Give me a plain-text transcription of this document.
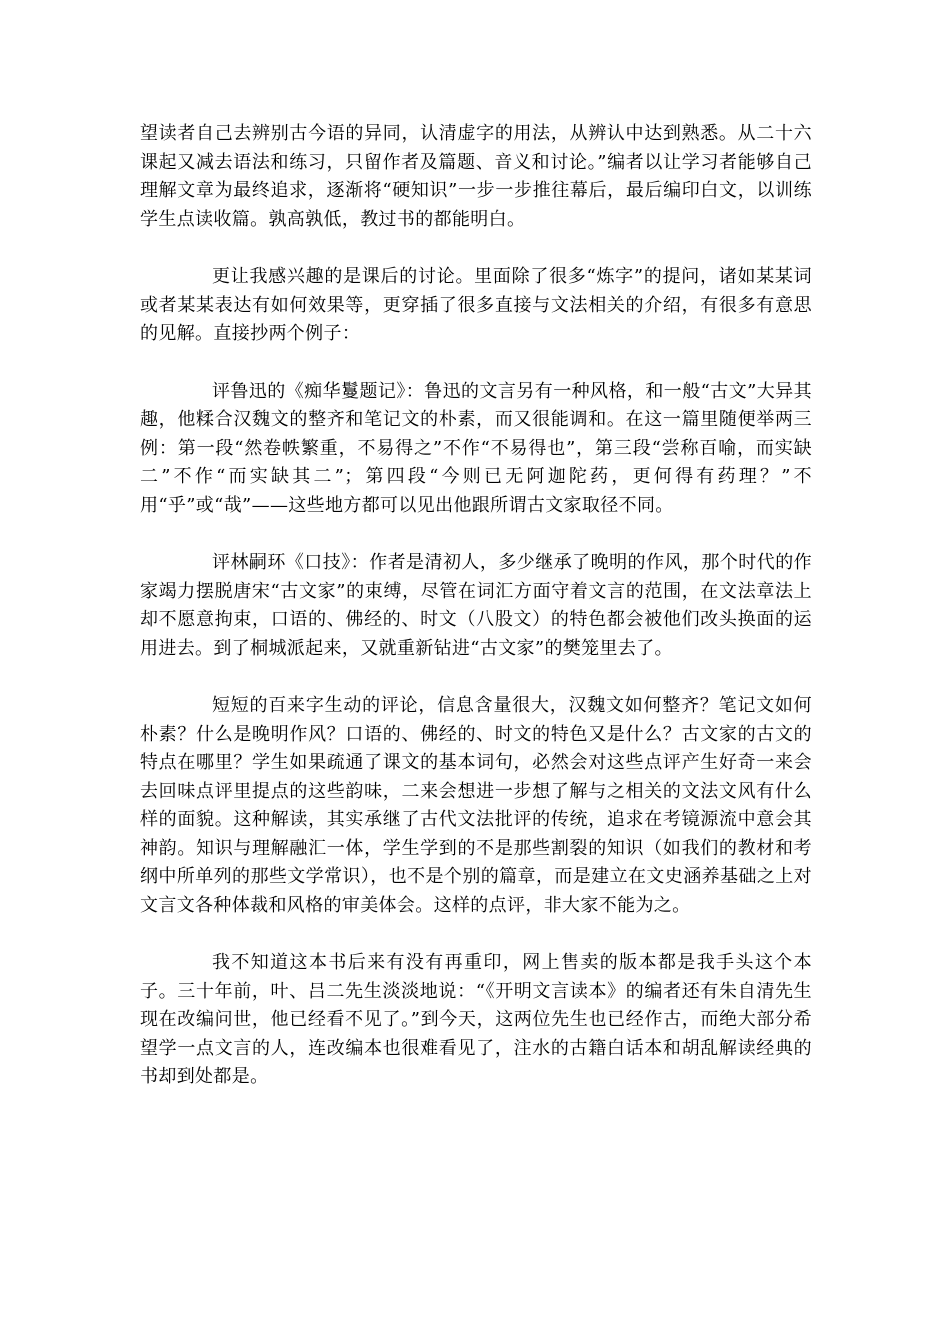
望读者自己去辨别古今语的异同，认清虚字的用法，从辨认中达到熟悉。从二十六课起又减去语法和练习，只留作者及篇题、音义和讨论。”编者以让学习者能够自己理解文章为最终追求，逐渐将“硬知识”一步一步推往幕后，最后编印白文，以训练学生点读收篇。孰高孰低，教过书的都能明白。

更让我感兴趣的是课后的讨论。里面除了很多“炼字”的提问，诸如某某词或者某某表达有如何效果等，更穿插了很多直接与文法相关的介绍，有很多有意思的见解。直接抄两个例子：

评鲁迅的《痴华鬘题记》：鲁迅的文言另有一种风格，和一般“古文”大异其趣，他糅合汉魏文的整齐和笔记文的朴素，而又很能调和。在这一篇里随便举两三例：第一段“然卷帙繁重，不易得之”不作“不易得也”，第三段“尝称百喻，而实缺二”不作“而实缺其二”；第四段“今则已无阿迦陀药，更何得有药理？”不用“乎”或“哉”——这些地方都可以见出他跟所谓古文家取径不同。

评林嗣环《口技》：作者是清初人，多少继承了晚明的作风，那个时代的作家竭力摆脱唐宋“古文家”的束缚，尽管在词汇方面守着文言的范围，在文法章法上却不愿意拘束，口语的、佛经的、时文（八股文）的特色都会被他们改头换面的运用进去。到了桐城派起来，又就重新钻进“古文家”的樊笼里去了。

短短的百来字生动的评论，信息含量很大，汉魏文如何整齐？笔记文如何朴素？什么是晚明作风？口语的、佛经的、时文的特色又是什么？古文家的古文的特点在哪里？学生如果疏通了课文的基本词句，必然会对这些点评产生好奇一来会去回味点评里提点的这些韵味，二来会想进一步想了解与之相关的文法文风有什么样的面貌。这种解读，其实承继了古代文法批评的传统，追求在考镜源流中意会其神韵。知识与理解融汇一体，学生学到的不是那些割裂的知识（如我们的教材和考纲中所单列的那些文学常识），也不是个别的篇章，而是建立在文史涵养基础之上对文言文各种体裁和风格的审美体会。这样的点评，非大家不能为之。

我不知道这本书后来有没有再重印，网上售卖的版本都是我手头这个本子。三十年前，叶、吕二先生淡淡地说：“《开明文言读本》的编者还有朱自清先生现在改编问世，他已经看不见了。”到今天，这两位先生也已经作古，而绝大部分希望学一点文言的人，连改编本也很难看见了，注水的古籍白话本和胡乱解读经典的书却到处都是。
